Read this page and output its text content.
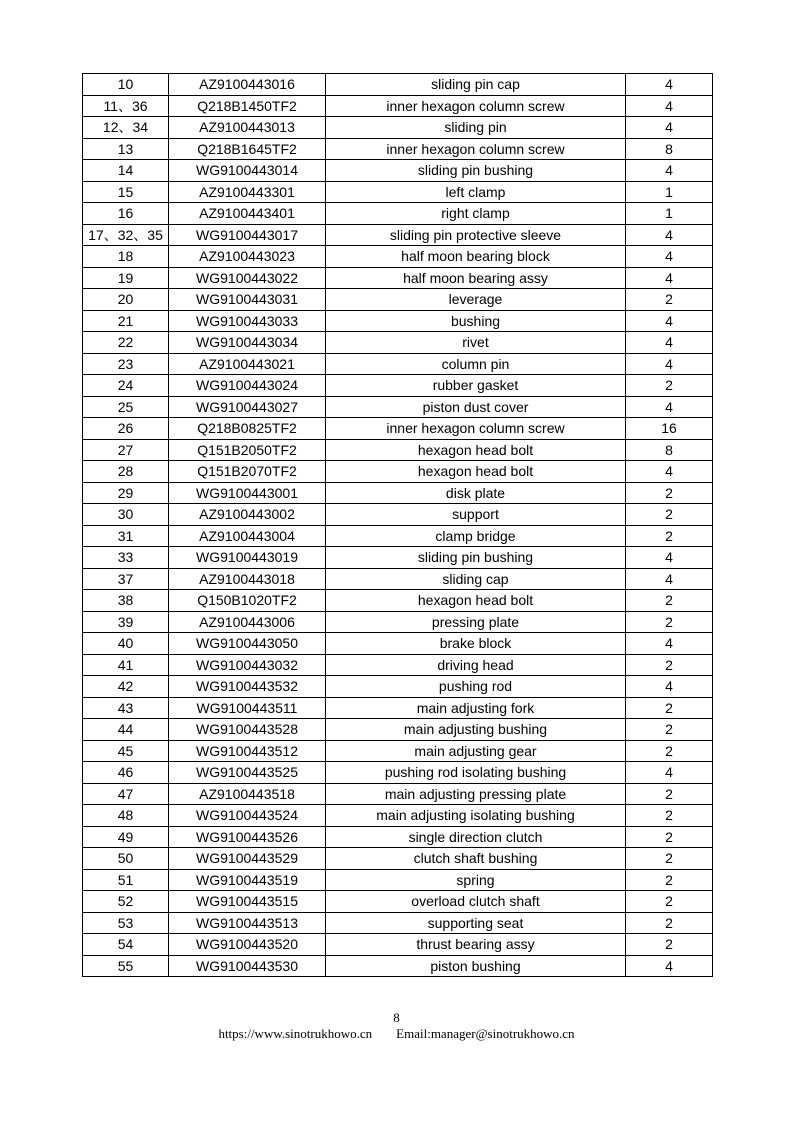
10	AZ9100443016	sliding pin cap	4
11、36	Q218B1450TF2	inner hexagon column screw	4
12、34	AZ9100443013	sliding pin	4
13	Q218B1645TF2	inner hexagon column screw	8
14	WG9100443014	sliding pin bushing	4
15	AZ9100443301	left clamp	1
16	AZ9100443401	right clamp	1
17、32、35	WG9100443017	sliding pin protective sleeve	4
18	AZ9100443023	half moon bearing block	4
19	WG9100443022	half moon bearing assy	4
20	WG9100443031	leverage	2
21	WG9100443033	bushing	4
22	WG9100443034	rivet	4
23	AZ9100443021	column pin	4
24	WG9100443024	rubber gasket	2
25	WG9100443027	piston dust cover	4
26	Q218B0825TF2	inner hexagon column screw	16
27	Q151B2050TF2	hexagon head bolt	8
28	Q151B2070TF2	hexagon head bolt	4
29	WG9100443001	disk plate	2
30	AZ9100443002	support	2
31	AZ9100443004	clamp bridge	2
33	WG9100443019	sliding pin bushing	4
37	AZ9100443018	sliding cap	4
38	Q150B1020TF2	hexagon head bolt	2
39	AZ9100443006	pressing plate	2
40	WG9100443050	brake block	4
41	WG9100443032	driving head	2
42	WG9100443532	pushing rod	4
43	WG9100443511	main adjusting fork	2
44	WG9100443528	main adjusting bushing	2
45	WG9100443512	main adjusting gear	2
46	WG9100443525	pushing rod isolating bushing	4
47	AZ9100443518	main adjusting pressing plate	2
48	WG9100443524	main adjusting isolating bushing	2
49	WG9100443526	single direction clutch	2
50	WG9100443529	clutch shaft bushing	2
51	WG9100443519	spring	2
52	WG9100443515	overload clutch shaft	2
53	WG9100443513	supporting seat	2
54	WG9100443520	thrust bearing assy	2
55	WG9100443530	piston bushing	4
8
https://www.sinotrukhowo.cn Email:manager@sinotrukhowo.cn
